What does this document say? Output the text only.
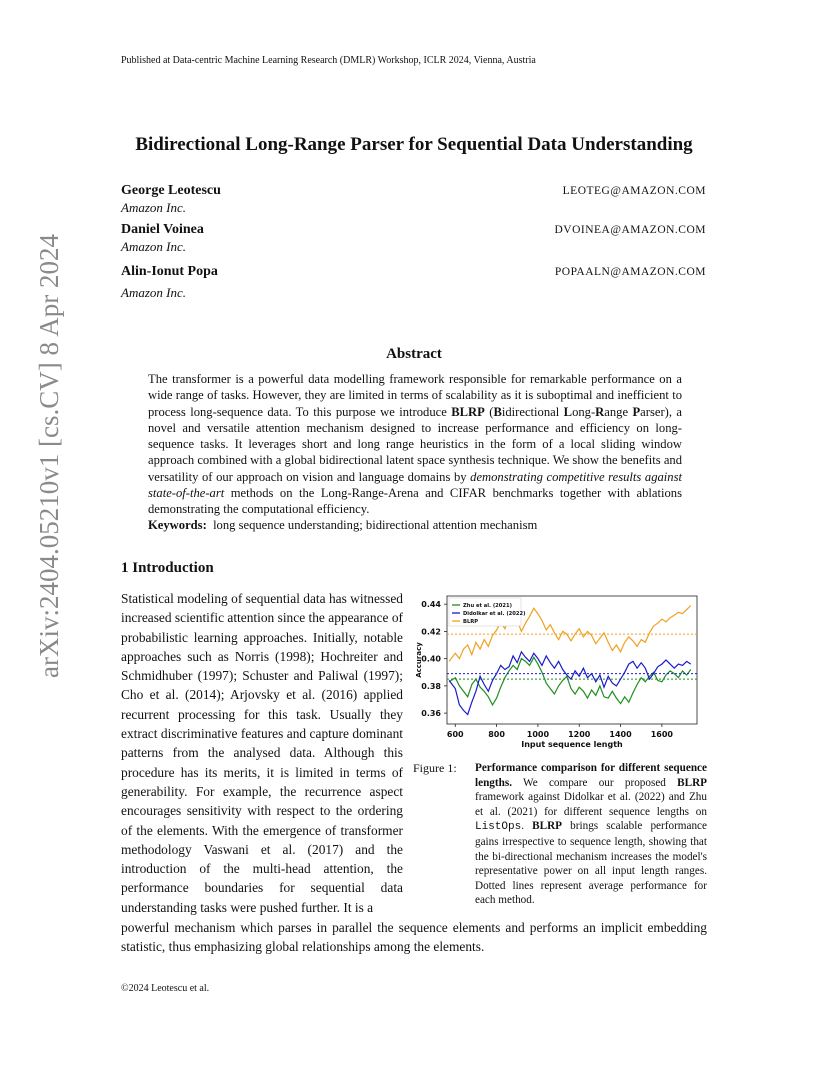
Published at Data-centric Machine Learning Research (DMLR) Workshop, ICLR 2024, Vienna, Austria
Bidirectional Long-Range Parser for Sequential Data Understanding
George Leotescu
Amazon Inc.
LEOTEG@AMAZON.COM
Daniel Voinea
Amazon Inc.
DVOINEA@AMAZON.COM
Alin-Ionut Popa
Amazon Inc.
POPAALN@AMAZON.COM
Abstract
The transformer is a powerful data modelling framework responsible for remarkable performance on a wide range of tasks. However, they are limited in terms of scalability as it is suboptimal and inefficient to process long-sequence data. To this purpose we introduce BLRP (Bidirectional Long-Range Parser), a novel and versatile attention mechanism designed to increase performance and efficiency on long-sequence tasks. It leverages short and long range heuristics in the form of a local sliding window approach combined with a global bidirectional latent space synthesis technique. We show the benefits and versatility of our approach on vision and language domains by demonstrating competitive results against state-of-the-art methods on the Long-Range-Arena and CIFAR benchmarks together with ablations demonstrating the computational efficiency.
Keywords: long sequence understanding; bidirectional attention mechanism
1 Introduction
Statistical modeling of sequential data has witnessed increased scientific attention since the appearance of probabilistic learning approaches. Initially, notable approaches such as Norris (1998); Hochreiter and Schmidhuber (1997); Schuster and Paliwal (1997); Cho et al. (2014); Arjovsky et al. (2016) applied recurrent processing for this task. Usually they extract discriminative features and capture dominant patterns from the analysed data. Although this procedure has its merits, it is limited in terms of generability. For example, the recurrence aspect encourages sensitivity with respect to the ordering of the elements. With the emergence of transformer methodology Vaswani et al. (2017) and the introduction of the multi-head attention, the performance boundaries for sequential data understanding tasks were pushed further. It is a
powerful mechanism which parses in parallel the sequence elements and performs an implicit embedding statistic, thus emphasizing global relationships among the elements.
0.36
0.38
0.40
0.42
0.44
600	800	1000 1200 1400 1600
Input sequence length
Accuracy
Zhu et al. (2021)
Didolkar et al. (2022)
BLRP
Figure 1: Performance comparison for different sequence lengths. We compare our proposed BLRP framework against Didolkar et al. (2022) and Zhu et al. (2021) for different sequence lengths on ListOps. BLRP brings scalable performance gains irrespective to sequence length, showing that the bi-directional mechanism increases the model's representative power on all input length ranges. Dotted lines represent average performance for each method.
©2024 Leotescu et al.
arXiv:2404.05210v1 [cs.CV] 8 Apr 2024
